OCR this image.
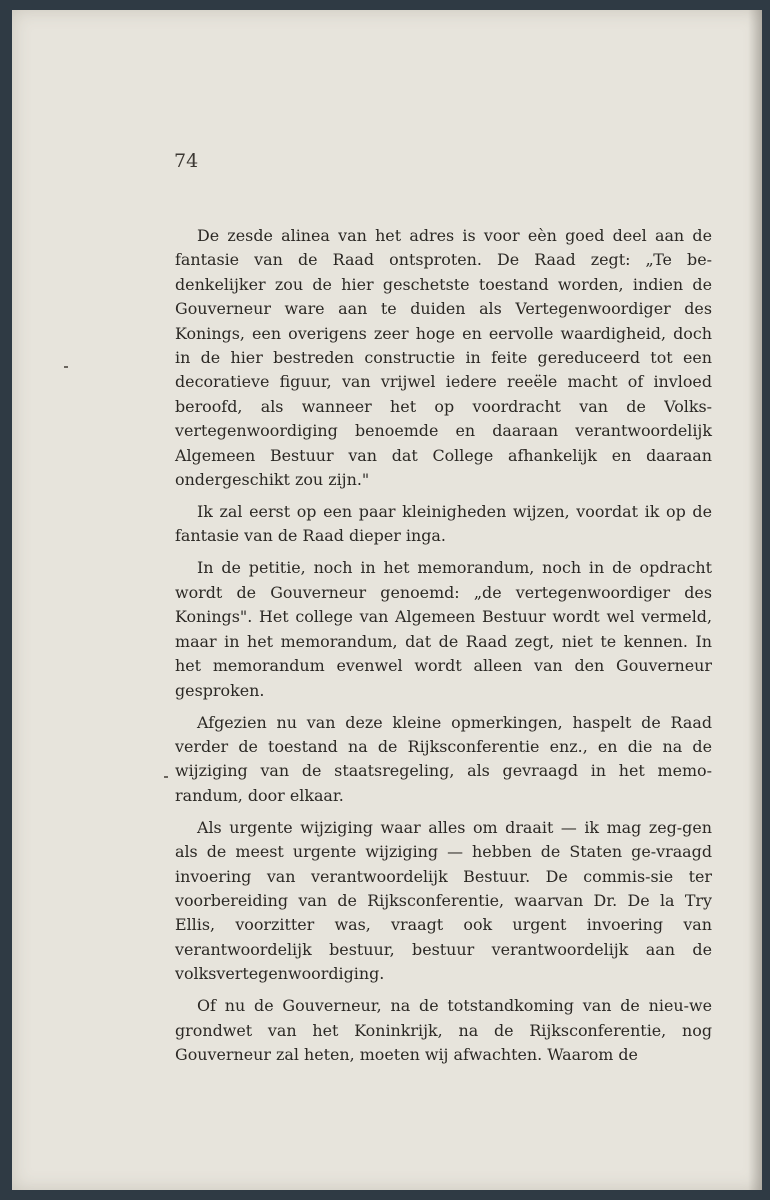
74

De zesde alinea van het adres is voor eèn goed deel aan de fantasie van de Raad ontsproten. De Raad zegt: „Te be-denkelijker zou de hier geschetste toestand worden, indien de Gouverneur ware aan te duiden als Vertegenwoordiger des Konings, een overigens zeer hoge en eervolle waardigheid, doch in de hier bestreden constructie in feite gereduceerd tot een decoratieve figuur, van vrijwel iedere reeële macht of invloed beroofd, als wanneer het op voordracht van de Volks-vertegenwoordiging benoemde en daaraan verantwoordelijk Algemeen Bestuur van dat College afhankelijk en daaraan ondergeschikt zou zijn."

Ik zal eerst op een paar kleinigheden wijzen, voordat ik op de fantasie van de Raad dieper inga.

In de petitie, noch in het memorandum, noch in de opdracht wordt de Gouverneur genoemd: „de vertegenwoordiger des Konings". Het college van Algemeen Bestuur wordt wel vermeld, maar in het memorandum, dat de Raad zegt, niet te kennen. In het memorandum evenwel wordt alleen van den Gouverneur gesproken.

Afgezien nu van deze kleine opmerkingen, haspelt de Raad verder de toestand na de Rijksconferentie enz., en die na de wijziging van de staatsregeling, als gevraagd in het memo-randum, door elkaar.

Als urgente wijziging waar alles om draait — ik mag zeg-gen als de meest urgente wijziging — hebben de Staten ge-vraagd invoering van verantwoordelijk Bestuur. De commis-sie ter voorbereiding van de Rijksconferentie, waarvan Dr. De la Try Ellis, voorzitter was, vraagt ook urgent invoering van verantwoordelijk bestuur, bestuur verantwoordelijk aan de volksvertegenwoordiging.

Of nu de Gouverneur, na de totstandkoming van de nieu-we grondwet van het Koninkrijk, na de Rijksconferentie, nog Gouverneur zal heten, moeten wij afwachten. Waarom de
